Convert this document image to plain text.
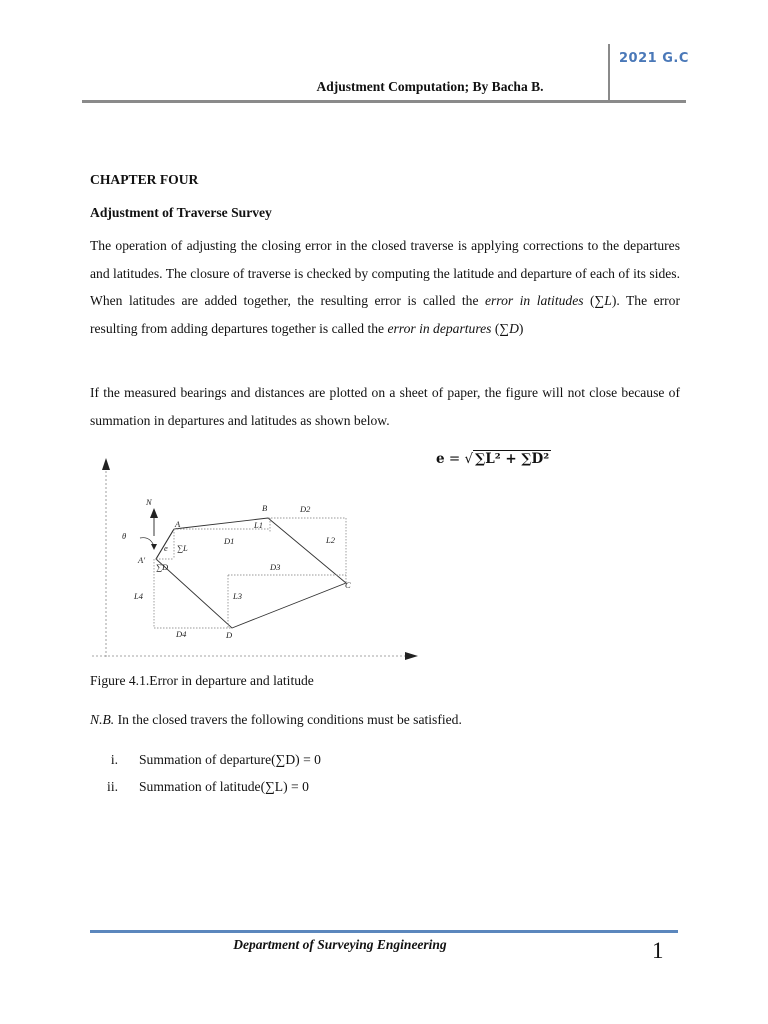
2021 G.C
Adjustment Computation; By Bacha B.
CHAPTER FOUR
Adjustment of Traverse Survey
The operation of adjusting the closing error in the closed traverse is applying corrections to the departures and latitudes. The closure of traverse is checked by computing the latitude and departure of each of its sides. When latitudes are added together, the resulting error is called the error in latitudes (∑L). The error resulting from adding departures together is called the error in departures (∑D)
If the measured bearings and distances are plotted on a sheet of paper, the figure will not close because of summation in departures and latitudes as shown below.
e = √ ∑L² + ∑D²
N
θ
A
A′
e ∑L
∑D
B	D2
L1
D1	L2
D3
C
L4	L3
D4	D
Figure 4.1.Error in departure and latitude
N.B. In the closed travers the following conditions must be satisfied.
i. Summation of departure(∑D) = 0
ii. Summation of latitude(∑L) = 0
Department of Surveying Engineering	1
